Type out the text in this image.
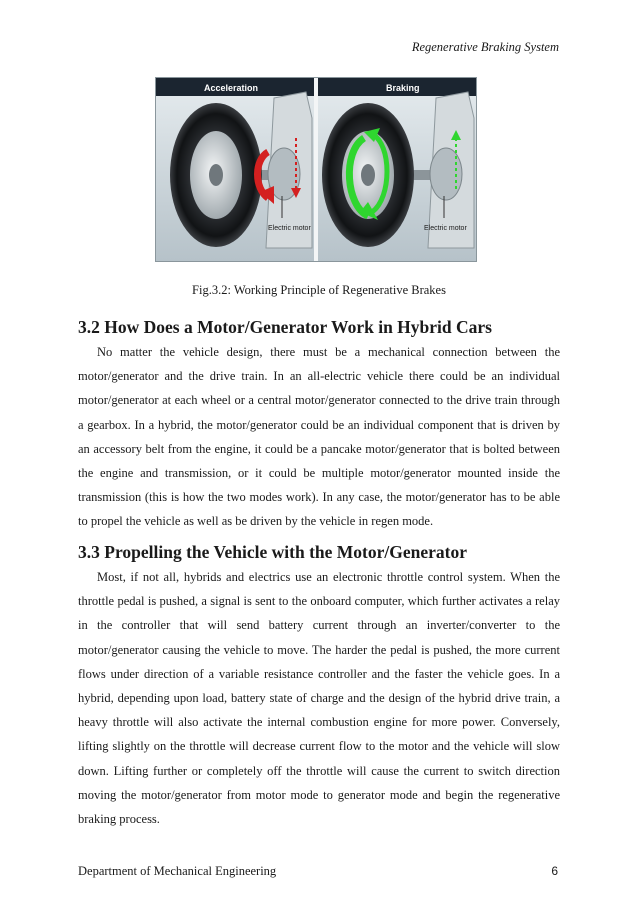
Regenerative Braking System
Acceleration
Electric motor
Braking
Electric motor
Fig.3.2: Working Principle of Regenerative Brakes
3.2 How Does a Motor/Generator Work in Hybrid Cars
No matter the vehicle design, there must be a mechanical connection between the
motor/generator and the drive train. In an all-electric vehicle there could be an individual
motor/generator at each wheel or a central motor/generator connected to the drive train through
a gearbox. In a hybrid, the motor/generator could be an individual component that is driven by
an accessory belt from the engine, it could be a pancake motor/generator that is bolted between
the engine and transmission, or it could be multiple motor/generator mounted inside the
transmission (this is how the two modes work). In any case, the motor/generator has to be able
to propel the vehicle as well as be driven by the vehicle in regen mode.
3.3 Propelling the Vehicle with the Motor/Generator
Most, if not all, hybrids and electrics use an electronic throttle control system. When the
throttle pedal is pushed, a signal is sent to the onboard computer, which further activates a relay
in the controller that will send battery current through an inverter/converter to the
motor/generator causing the vehicle to move. The harder the pedal is pushed, the more current
flows under direction of a variable resistance controller and the faster the vehicle goes. In a
hybrid, depending upon load, battery state of charge and the design of the hybrid drive train, a
heavy throttle will also activate the internal combustion engine for more power. Conversely,
lifting slightly on the throttle will decrease current flow to the motor and the vehicle will slow
down. Lifting further or completely off the throttle will cause the current to switch direction
moving the motor/generator from motor mode to generator mode and begin the regenerative
braking process.
Department of Mechanical Engineering	6
